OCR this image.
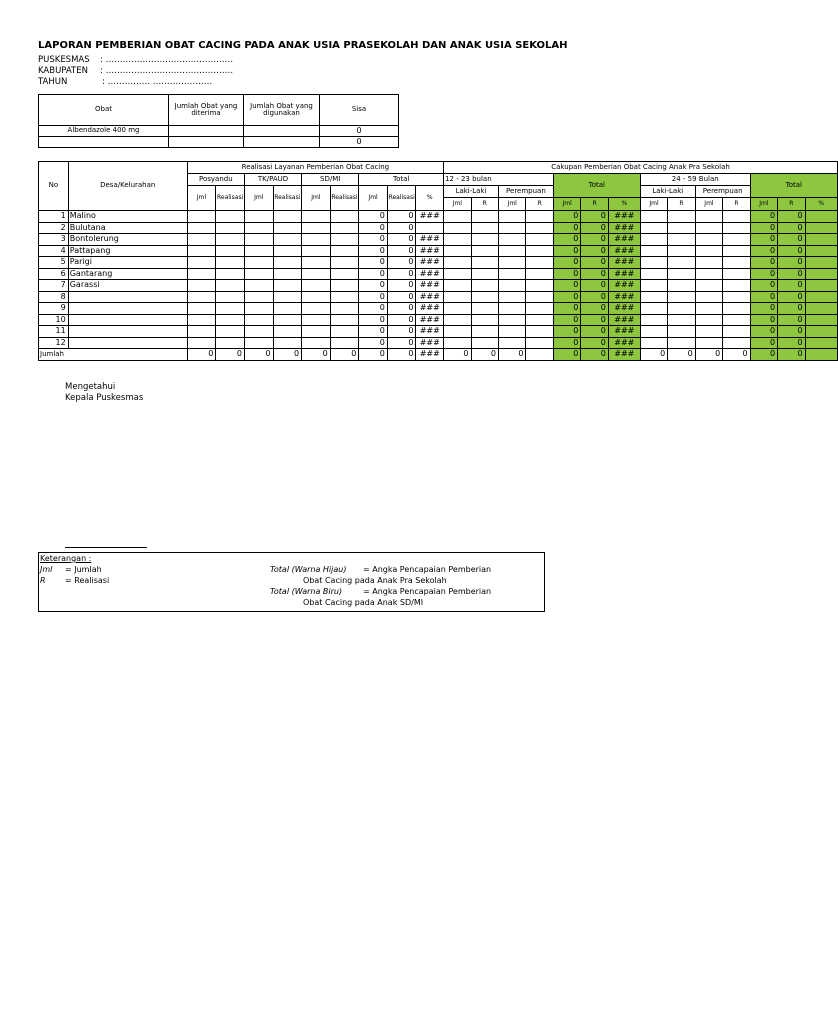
LAPORAN PEMBERIAN OBAT CACING PADA ANAK USIA PRASEKOLAH DAN ANAK USIA SEKOLAH
PUSKESMAS : ………………………………………
KABUPATEN : ………………………………………
TAHUN	: …………… …………………
Obat	Jumlah Obat yang diterima	Jumlah Obat yang digunakan	Sisa
Albendazole 400 mg			0
			0
No	Desa/Kelurahan	Realisasi Layanan Pemberian Obat Cacing									Cakupan Pemberian Obat Cacing Anak Pra Sekolah													
		Posyandu		TK/PAUD		SD/MI		Total			12 - 23 bulan				Total			24 - 59 Bulan				Total		
		Jml	Realisasi	Jml	Realisasi	Jml	Realisasi	Jml	Realisasi	%	Laki-Laki		Perempuan					Laki-Laki		Perempuan				
											Jml	R	Jml	R	Jml	R	%	Jml	R	Jml	R	Jml	R	%
1	Malino							0	0	###					0	0	###					0	0	
2	Bulutana							0	0						0	0	###					0	0	
3	Bontolerung							0	0	###					0	0	###					0	0	
4	Pattapang							0	0	###					0	0	###					0	0	
5	Parigi							0	0	###					0	0	###					0	0	
6	Gantarang							0	0	###					0	0	###					0	0	
7	Garassi							0	0	###					0	0	###					0	0	
8								0	0	###					0	0	###					0	0	
9								0	0	###					0	0	###					0	0	
10								0	0	###					0	0	###					0	0	
11								0	0	###					0	0	###					0	0	
12								0	0	###					0	0	###					0	0	
Jumlah		0	0	0	0	0	0	0	0	###	0	0	0		0	0	###	0	0	0	0	0	0	
Mengetahui
Kepala Puskesmas
Keterangan :
Jml = Jumlah
R = Realisasi
Total (Warna Hijau) = Angka Pencapaian Pemberian
Obat Cacing pada Anak Pra Sekolah
Total (Warna Biru)	= Angka Pencapaian Pemberian
Obat Cacing pada Anak SD/MI
